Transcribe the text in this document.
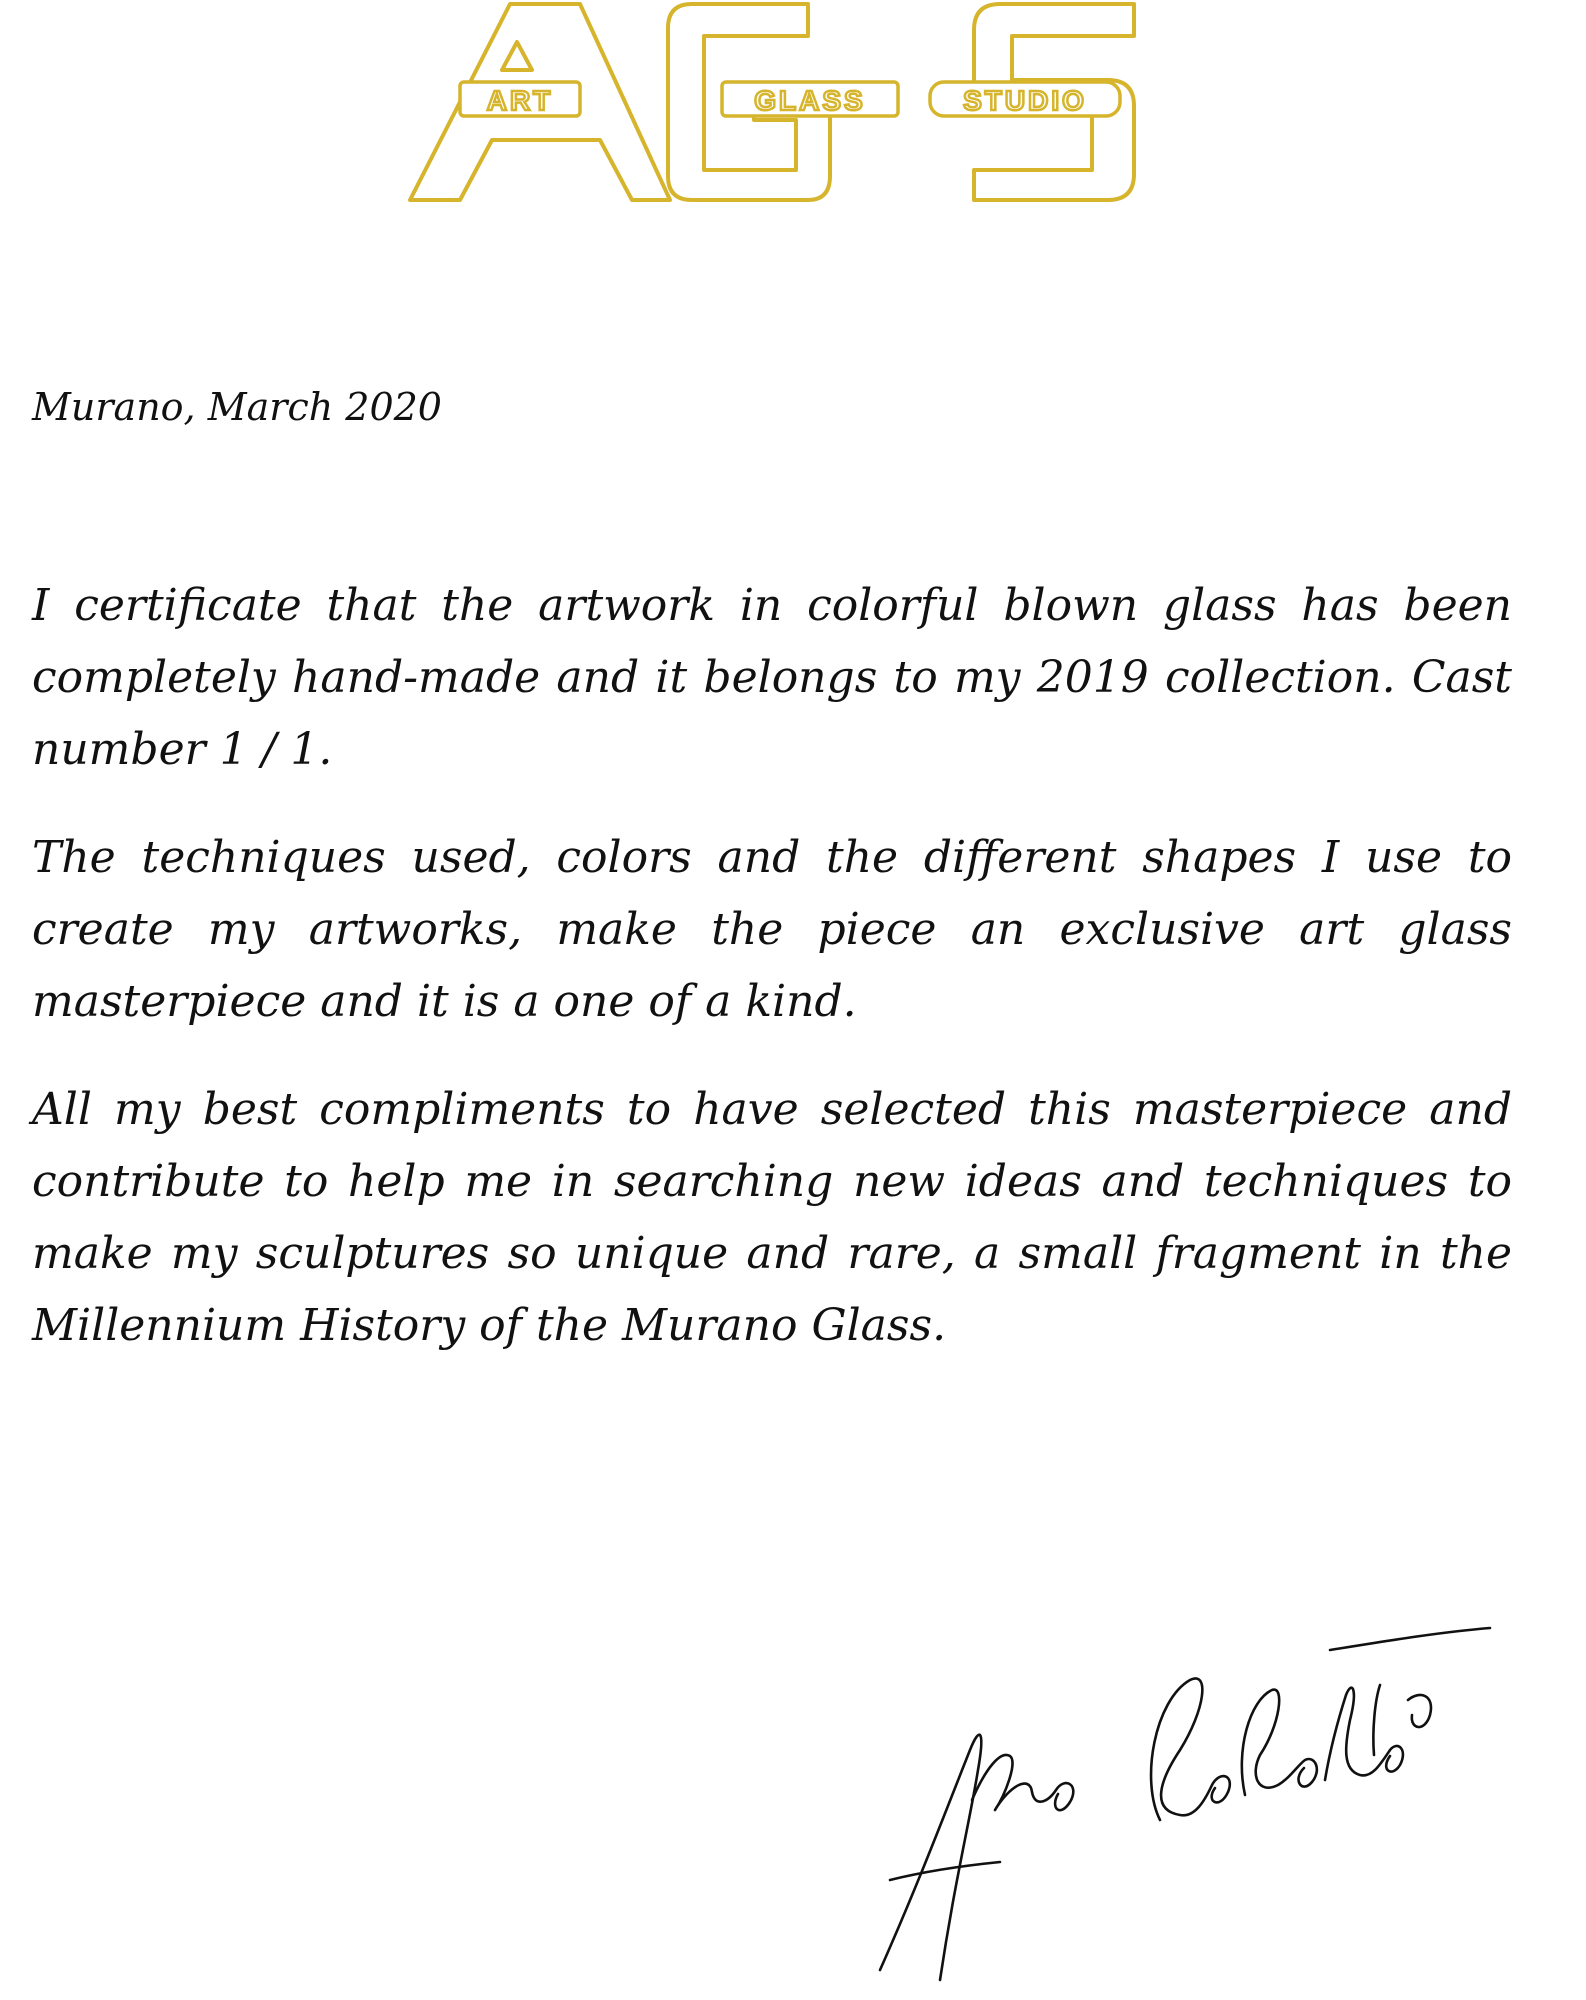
ART	GLASS	STUDIO

Murano, March 2020

I certificate that the artwork in colorful blown glass has been completely hand-made and it belongs to my 2019 collection. Cast number 1 / 1.

The techniques used, colors and the different shapes I use to create my artworks, make the piece an exclusive art glass masterpiece and it is a one of a kind.

All my best compliments to have selected this masterpiece and contribute to help me in searching new ideas and techniques to make my sculptures so unique and rare, a small fragment in the Millennium History of the Murano Glass.
